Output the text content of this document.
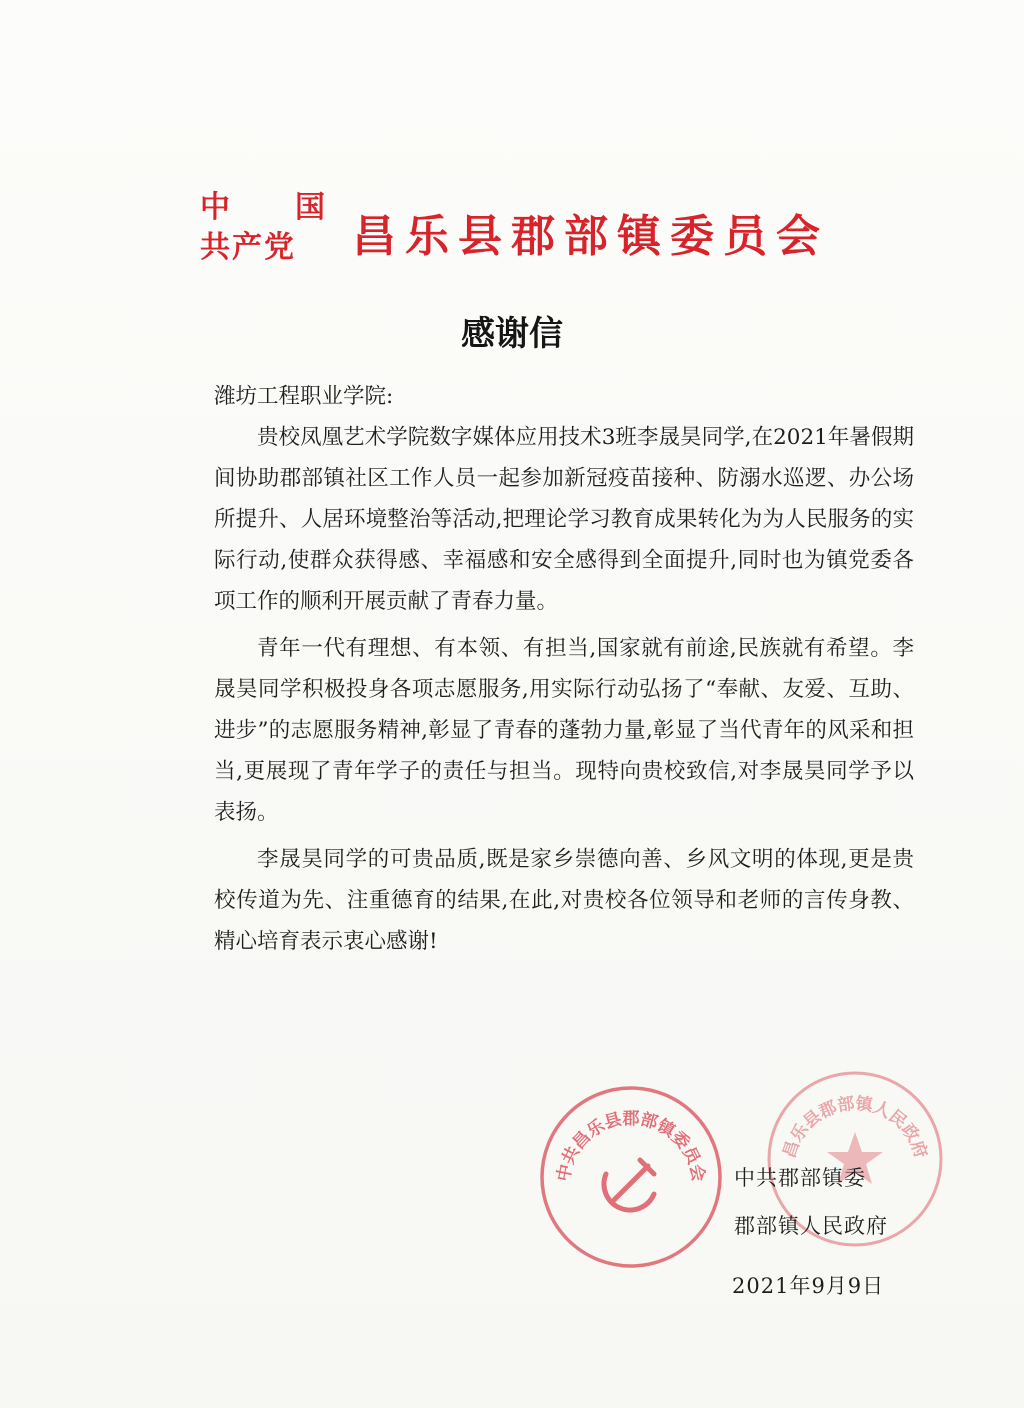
中 国
共产党	昌乐县郡部镇委员会
感谢信

潍坊工程职业学院:

贵校凤凰艺术学院数字媒体应用技术3班李晟昊同学,在2021年暑假期间协助郡部镇社区工作人员一起参加新冠疫苗接种、防溺水巡逻、办公场所提升、人居环境整治等活动,把理论学习教育成果转化为为人民服务的实际行动,使群众获得感、幸福感和安全感得到全面提升,同时也为镇党委各项工作的顺利开展贡献了青春力量。

青年一代有理想、有本领、有担当,国家就有前途,民族就有希望。李晟昊同学积极投身各项志愿服务,用实际行动弘扬了“奉献、友爱、互助、进步”的志愿服务精神,彰显了青春的蓬勃力量,彰显了当代青年的风采和担当,更展现了青年学子的责任与担当。现特向贵校致信,对李晟昊同学予以表扬。

李晟昊同学的可贵品质,既是家乡崇德向善、乡风文明的体现,更是贵校传道为先、注重德育的结果,在此,对贵校各位领导和老师的言传身教、精心培育表示衷心感谢!

中共昌乐县郡部镇委员会
昌乐县郡部镇人民政府
中共郡部镇委
郡部镇人民政府
2021年9月9日
